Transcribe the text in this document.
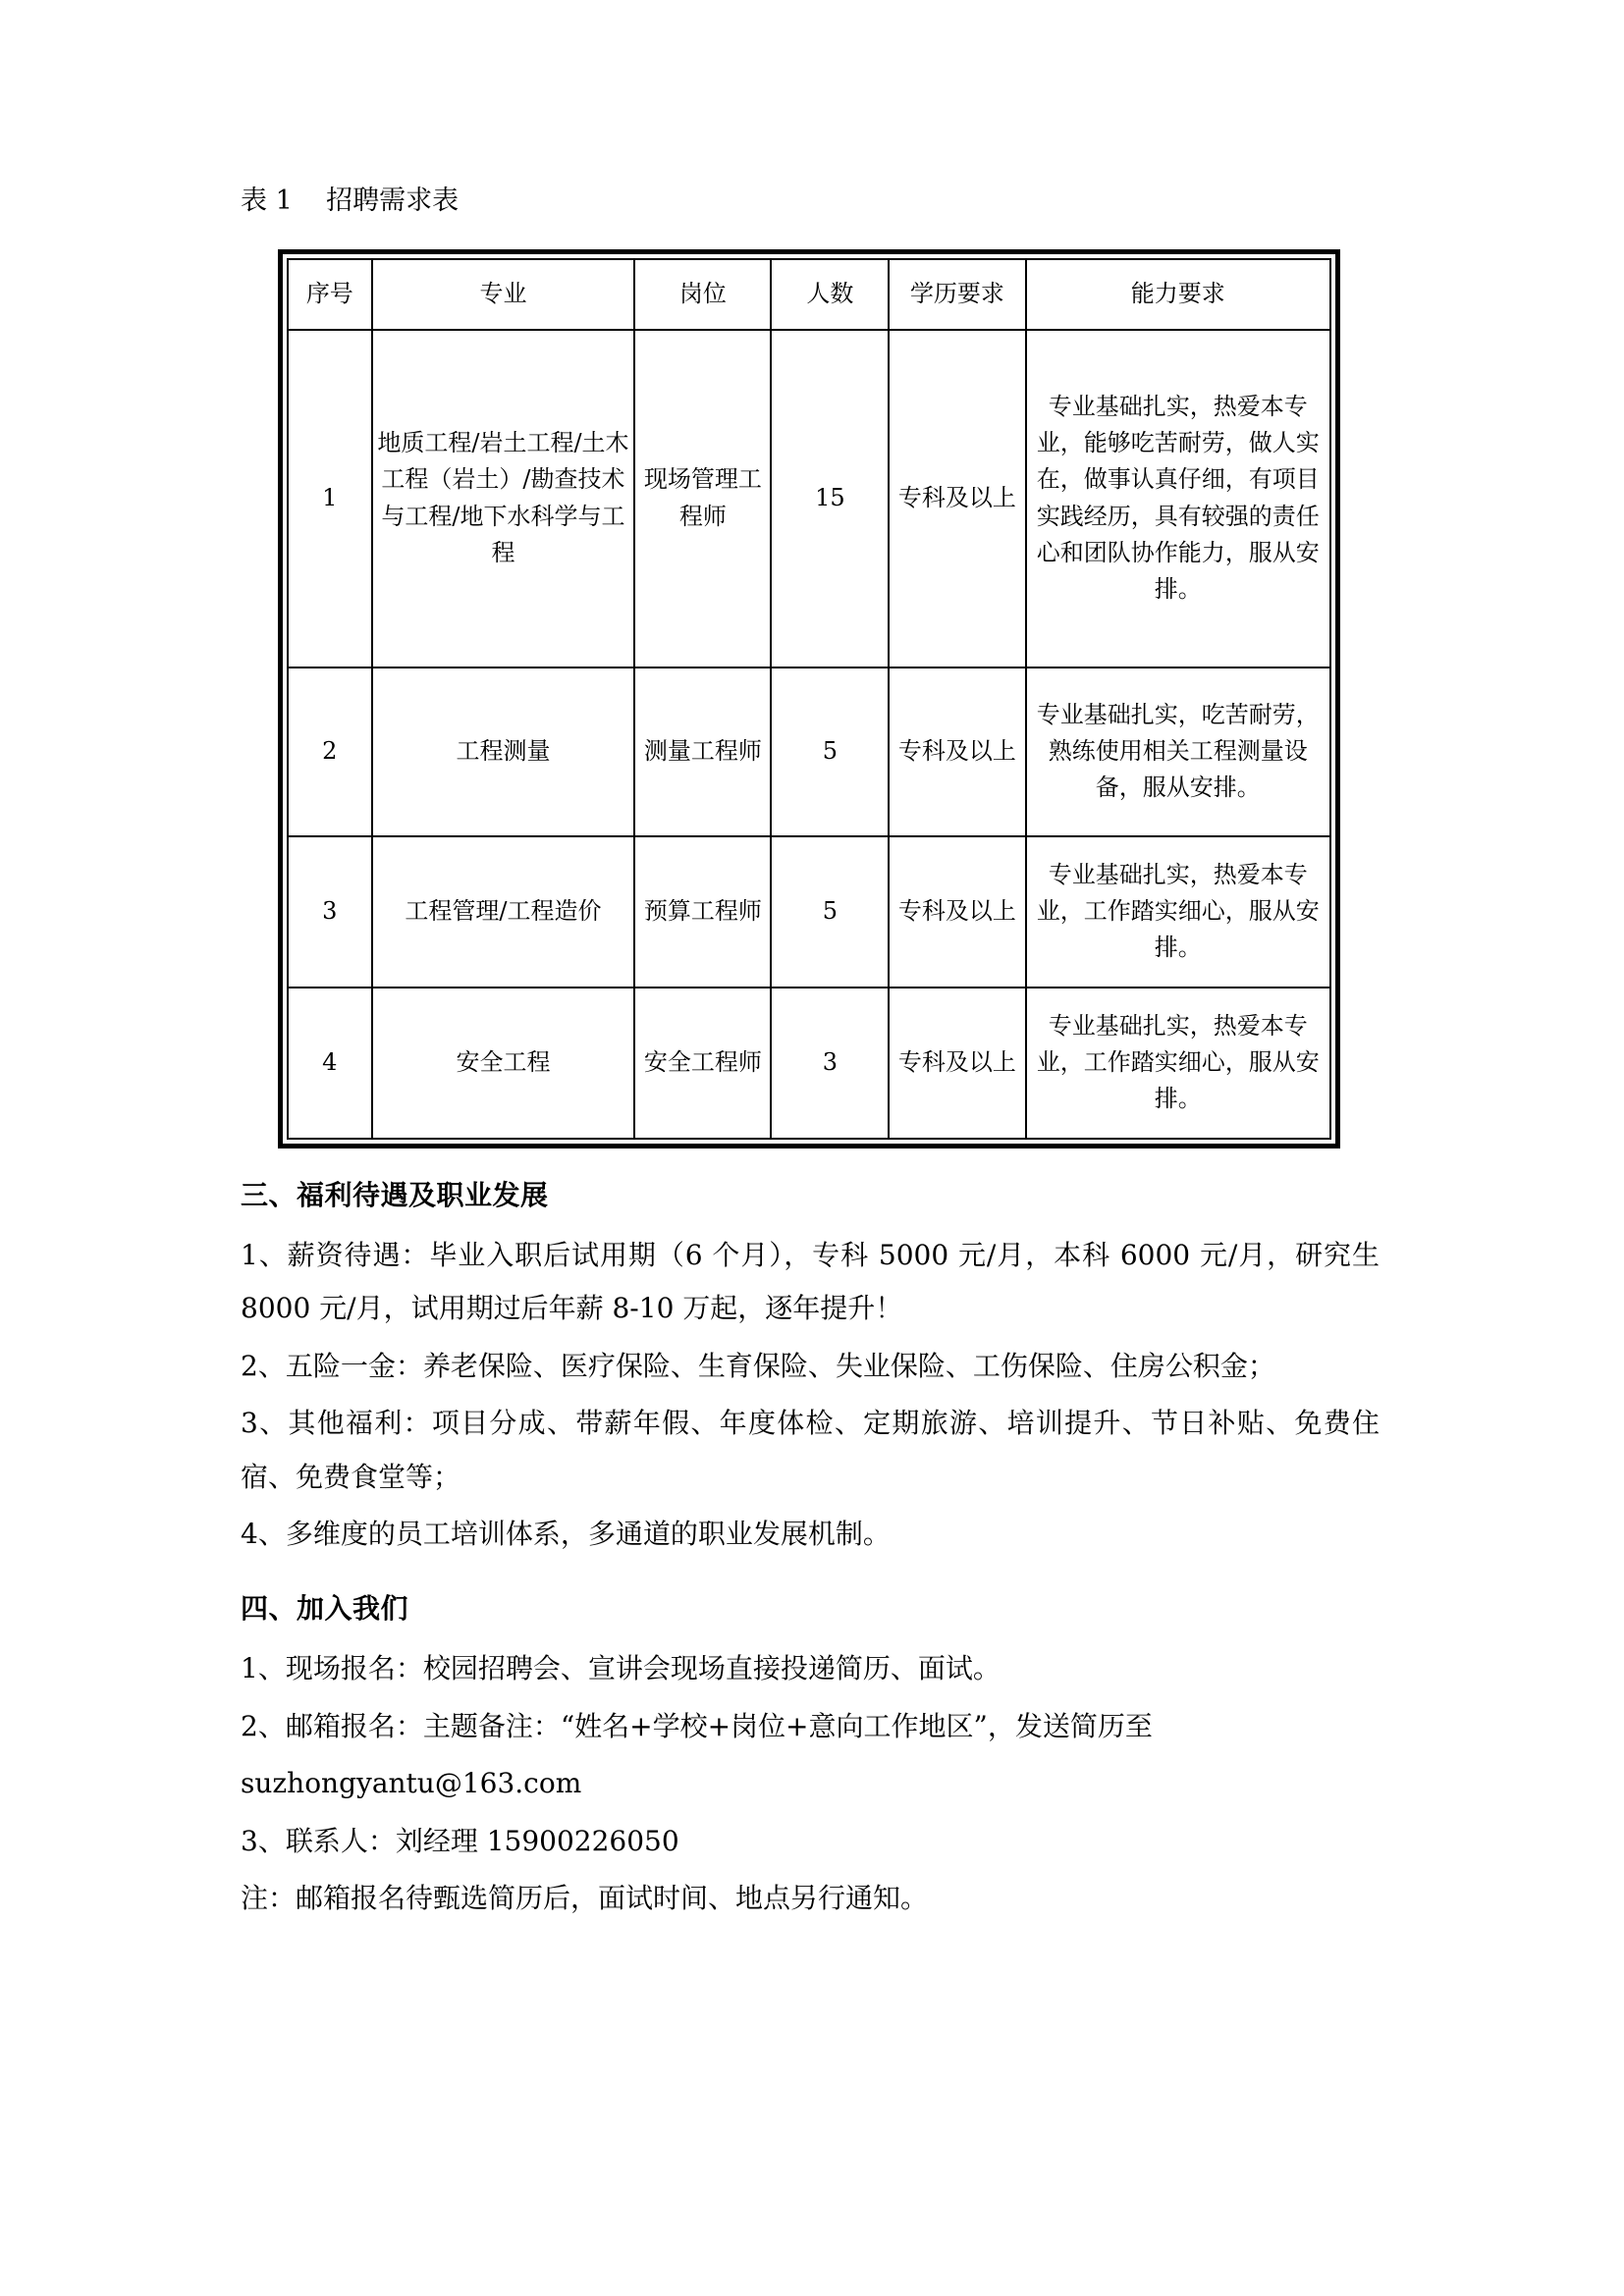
表 1    招聘需求表
序号	专业	岗位	人数	学历要求	能力要求
1	地质工程/岩土工程/土木工程（岩土）/勘查技术与工程/地下水科学与工程	现场管理工程师	15	专科及以上	专业基础扎实，热爱本专业，能够吃苦耐劳，做人实在，做事认真仔细，有项目实践经历，具有较强的责任心和团队协作能力，服从安排。
2	工程测量	测量工程师	5	专科及以上	专业基础扎实，吃苦耐劳，熟练使用相关工程测量设备，服从安排。
3	工程管理/工程造价	预算工程师	5	专科及以上	专业基础扎实，热爱本专业，工作踏实细心，服从安排。
4	安全工程	安全工程师	3	专科及以上	专业基础扎实，热爱本专业，工作踏实细心，服从安排。
三、福利待遇及职业发展

1、薪资待遇：毕业入职后试用期（6 个月），专科 5000 元/月，本科 6000 元/月，研究生 8000 元/月，试用期过后年薪 8-10 万起，逐年提升！

2、五险一金：养老保险、医疗保险、生育保险、失业保险、工伤保险、住房公积金；

3、其他福利：项目分成、带薪年假、年度体检、定期旅游、培训提升、节日补贴、免费住宿、免费食堂等；

4、多维度的员工培训体系，多通道的职业发展机制。

四、加入我们

1、现场报名：校园招聘会、宣讲会现场直接投递简历、面试。

2、邮箱报名：主题备注：“姓名+学校+岗位+意向工作地区”，发送简历至

suzhongyantu@163.com

3、联系人：刘经理 15900226050

注：邮箱报名待甄选简历后，面试时间、地点另行通知。
